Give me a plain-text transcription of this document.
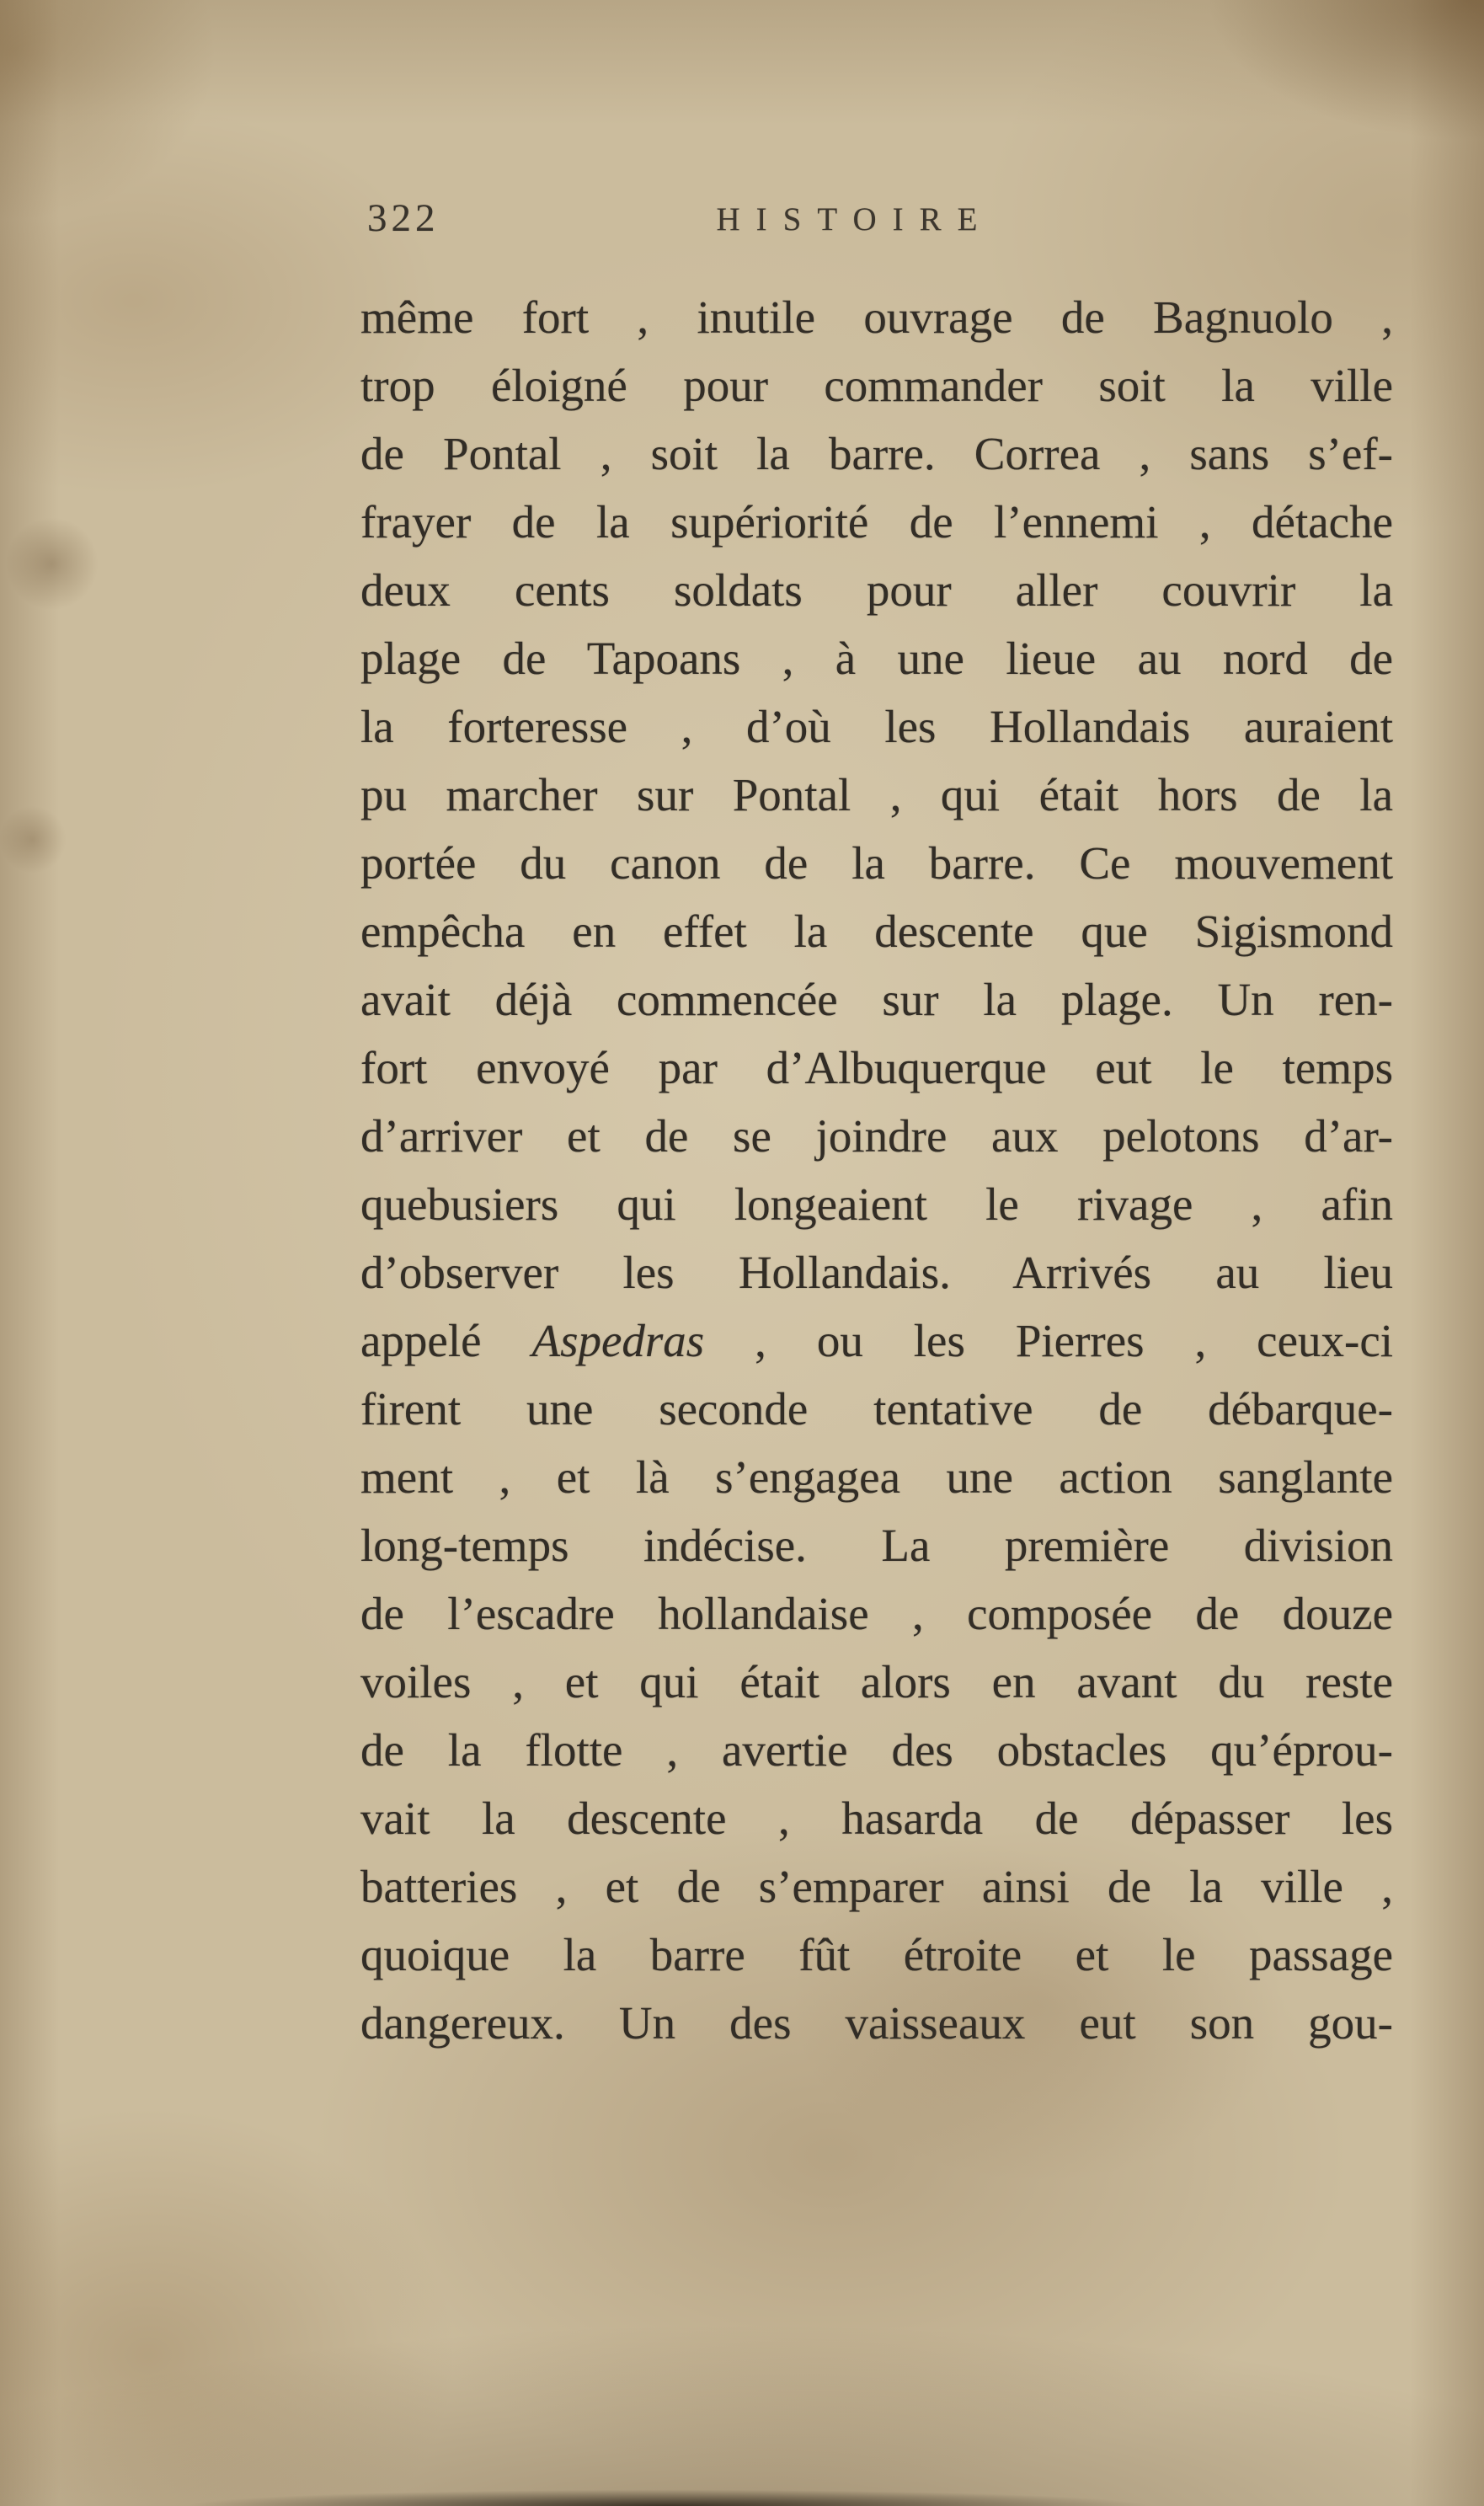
322	HISTOIRE
même fort , inutile ouvrage de Bagnuolo ,
trop éloigné pour commander soit la ville
de Pontal , soit la barre. Correa , sans s’ef-
frayer de la supériorité de l’ennemi , détache
deux cents soldats pour aller couvrir la
plage de Tapoans , à une lieue au nord de
la forteresse , d’où les Hollandais auraient
pu marcher sur Pontal , qui était hors de la
portée du canon de la barre. Ce mouvement
empêcha en effet la descente que Sigismond
avait déjà commencée sur la plage. Un ren-
fort envoyé par d’Albuquerque eut le temps
d’arriver et de se joindre aux pelotons d’ar-
quebusiers qui longeaient le rivage , afin
d’observer les Hollandais. Arrivés au lieu
appelé Aspedras , ou les Pierres , ceux-ci
firent une seconde tentative de débarque-
ment , et là s’engagea une action sanglante
long-temps indécise. La première division
de l’escadre hollandaise , composée de douze
voiles , et qui était alors en avant du reste
de la flotte , avertie des obstacles qu’éprou-
vait la descente , hasarda de dépasser les
batteries , et de s’emparer ainsi de la ville ,
quoique la barre fût étroite et le passage
dangereux. Un des vaisseaux eut son gou-
